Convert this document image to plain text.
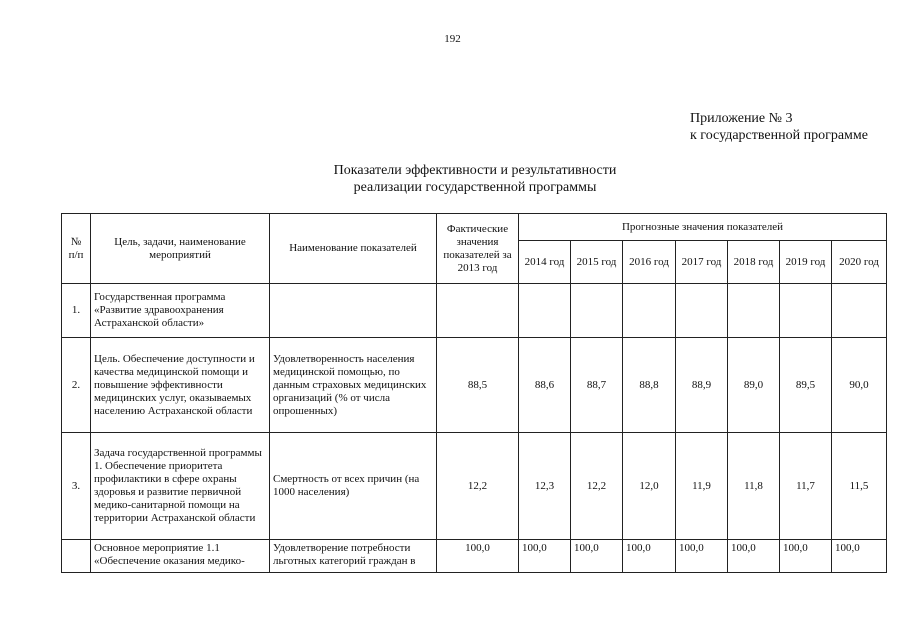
192
Приложение № 3

к государственной программе
Показатели эффективности и результативности
реализации государственной программы
№ п/п	Цель, задачи, наименование мероприятий	Наименование показателей	Фактические значения показателей за 2013 год	Прогнозные значения показателей						
				2014 год	2015 год	2016 год	2017 год	2018 год	2019 год	2020 год
1.	Государственная программа «Развитие здравоохранения Астраханской области»									
2.	Цель. Обеспечение доступности и качества медицинской помощи и повышение эффективности медицинских услуг, оказываемых населению Астраханской области	Удовлетворенность населения медицинской помощью, по данным страховых медицинских организаций (% от числа опрошенных)	88,5	88,6	88,7	88,8	88,9	89,0	89,5	90,0
3.	Задача государственной программы 1. Обеспечение приоритета профилактики в сфере охраны здоровья и развитие первичной медико-санитарной помощи на территории Астраханской области	Смертность от всех причин (на 1000 населения)	12,2	12,3	12,2	12,0	11,9	11,8	11,7	11,5
	Основное мероприятие 1.1 «Обеспечение оказания медико-	Удовлетворение потребности льготных категорий граждан в	100,0	100,0	100,0	100,0	100,0	100,0	100,0	100,0
